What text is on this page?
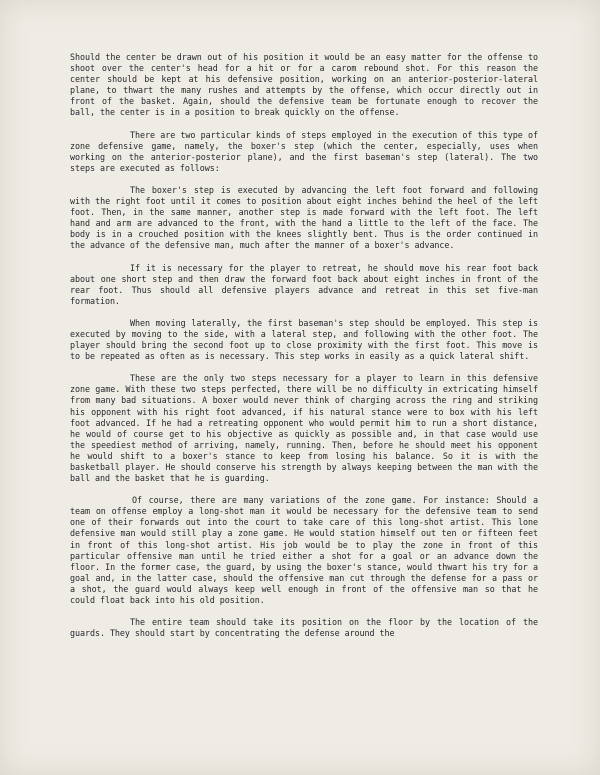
Should the center be drawn out of his position it would be an easy matter for the offense to shoot over the center's head for a hit or for a carom rebound shot. For this reason the center should be kept at his defensive position, working on an anterior-posterior-lateral plane, to thwart the many rushes and attempts by the offense, which occur directly out in front of the basket. Again, should the defensive team be fortunate enough to recover the ball, the center is in a position to break quickly on the offense.

There are two particular kinds of steps employed in the execution of this type of zone defensive game, namely, the boxer's step (which the center, especially, uses when working on the anterior-posterior plane), and the first baseman's step (lateral). The two steps are executed as follows:

The boxer's step is executed by advancing the left foot forward and following with the right foot until it comes to position about eight inches behind the heel of the left foot. Then, in the same manner, another step is made forward with the left foot. The left hand and arm are advanced to the front, with the hand a little to the left of the face. The body is in a crouched position with the knees slightly bent. Thus is the order continued in the advance of the defensive man, much after the manner of a boxer's advance.

If it is necessary for the player to retreat, he should move his rear foot back about one short step and then draw the forward foot back about eight inches in front of the rear foot. Thus should all defensive players advance and retreat in this set five-man formation.

When moving laterally, the first baseman's step should be employed. This step is executed by moving to the side, with a lateral step, and following with the other foot. The player should bring the second foot up to close proximity with the first foot. This move is to be repeated as often as is necessary. This step works in easily as a quick lateral shift.

These are the only two steps necessary for a player to learn in this defensive zone game. With these two steps perfected, there will be no difficulty in extricating himself from many bad situations. A boxer would never think of charging across the ring and striking his opponent with his right foot advanced, if his natural stance were to box with his left foot advanced. If he had a retreating opponent who would permit him to run a short distance, he would of course get to his objective as quickly as possible and, in that case would use the speediest method of arriving, namely, running. Then, before he should meet his opponent he would shift to a boxer's stance to keep from losing his balance. So it is with the basketball player. He should conserve his strength by always keeping between the man with the ball and the basket that he is guarding.

Of course, there are many variations of the zone game. For instance: Should a team on offense employ a long-shot man it would be necessary for the defensive team to send one of their forwards out into the court to take care of this long-shot artist. This lone defensive man would still play a zone game. He would station himself out ten or fifteen feet in front of this long-shot artist. His job would be to play the zone in front of this particular offensive man until he tried either a shot for a goal or an advance down the floor. In the former case, the guard, by using the boxer's stance, would thwart his try for a goal and, in the latter case, should the offensive man cut through the defense for a pass or a shot, the guard would always keep well enough in front of the offensive man so that he could float back into his old position.

The entire team should take its position on the floor by the location of the guards. They should start by concentrating the defense around the
